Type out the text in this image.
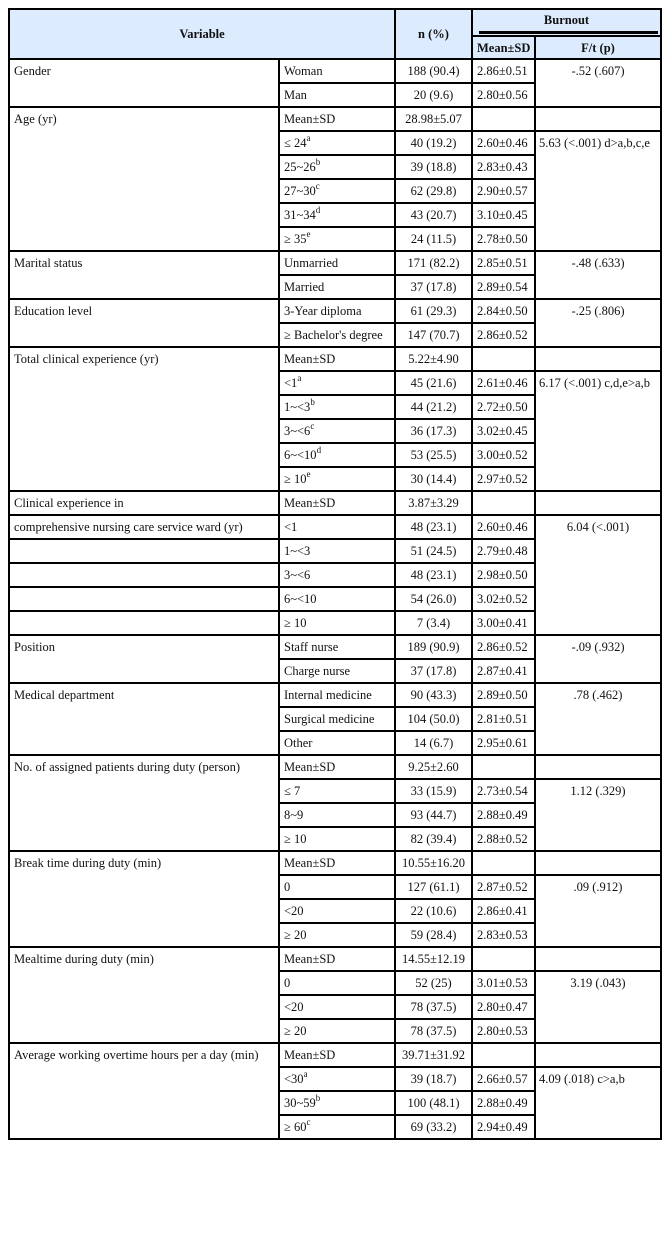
Variable		n (%)	Burnout	
			Mean±SD	F/t (p)
Gender	Woman	188 (90.4)	2.86±0.51	-.52 (.607)
	Man	20 (9.6)	2.80±0.56	
Age (yr)	Mean±SD	28.98±5.07		
	≤ $24^a$	40 (19.2)	2.60±0.46	5.63 (<.001) d>a,b,c,e
	25~26$^b$	39 (18.8)	2.83±0.43	
	27~30$^c$	62 (29.8)	2.90±0.57	
	31~34$^d$	43 (20.7)	3.10±0.45	
	≥ $35^e$	24 (11.5)	2.78±0.50	
Marital status	Unmarried	171 (82.2)	2.85±0.51	-.48 (.633)
	Married	37 (17.8)	2.89±0.54	
Education level	3-Year diploma	61 (29.3)	2.84±0.50	-.25 (.806)
	≥ Bachelor's degree	147 (70.7)	2.86±0.52	
Total clinical experience (yr)	Mean±SD	5.22±4.90		
	$<1^a$	45 (21.6)	2.61±0.46	6.17 (<.001) c,d,e>a,b
	$1\sim<3^b$	44 (21.2)	2.72±0.50	
	$3\sim<6^c$	36 (17.3)	3.02±0.45	
	$6\sim<10^d$	53 (25.5)	3.00±0.52	
	≥ $10^e$	30 (14.4)	2.97±0.52	
Clinical experience in	Mean±SD	3.87±3.29		
comprehensive nursing care service ward (yr)	<1	48 (23.1)	2.60±0.46	6.04 (<.001)
	1~<3	51 (24.5)	2.79±0.48	
	3~<6	48 (23.1)	2.98±0.50	
	6~<10	54 (26.0)	3.02±0.52	
	≥ 10	7 (3.4)	3.00±0.41	
Position	Staff nurse	189 (90.9)	2.86±0.52	-.09 (.932)
	Charge nurse	37 (17.8)	2.87±0.41	
Medical department	Internal medicine	90 (43.3)	2.89±0.50	.78 (.462)
	Surgical medicine	104 (50.0)	2.81±0.51	
	Other	14 (6.7)	2.95±0.61	
No. of assigned patients during duty (person)	Mean±SD	9.25±2.60		
	≤ 7	33 (15.9)	2.73±0.54	1.12 (.329)
	8~9	93 (44.7)	2.88±0.49	
	≥ 10	82 (39.4)	2.88±0.52	
Break time during duty (min)	Mean±SD	10.55±16.20		
	0	127 (61.1)	2.87±0.52	.09 (.912)
	<20	22 (10.6)	2.86±0.41	
	≥ 20	59 (28.4)	2.83±0.53	
Mealtime during duty (min)	Mean±SD	14.55±12.19		
	0	52 (25)	3.01±0.53	3.19 (.043)
	<20	78 (37.5)	2.80±0.47	
	≥ 20	78 (37.5)	2.80±0.53	
Average working overtime hours per a day (min)	Mean±SD	39.71±31.92		
	$<30^a$	39 (18.7)	2.66±0.57	4.09 (.018) c>a,b
	30~59$^b$	100 (48.1)	2.88±0.49	
	≥ $60^c$	69 (33.2)	2.94±0.49	
